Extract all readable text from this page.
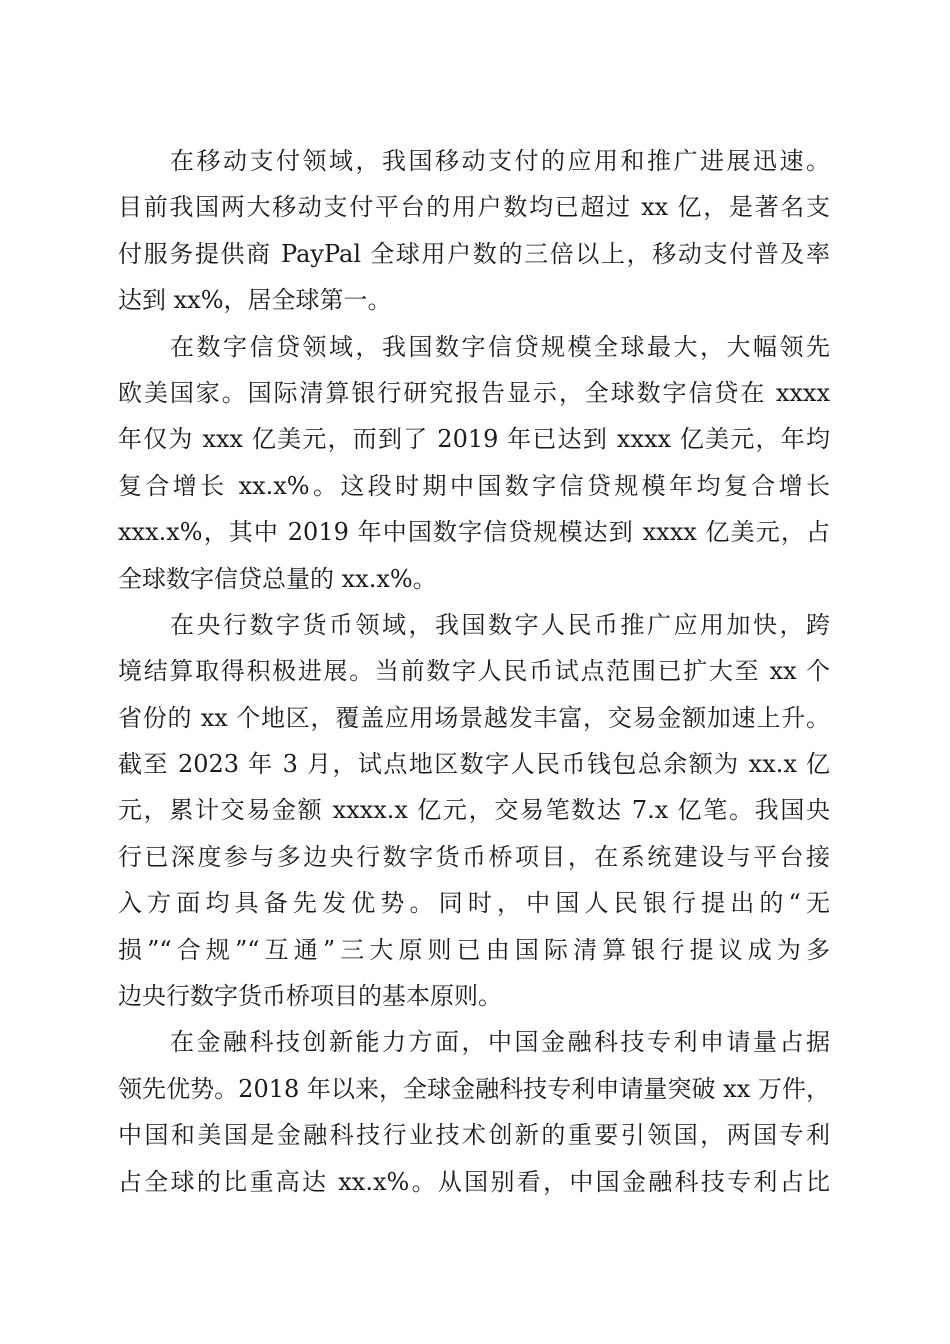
在移动支付领域，我国移动支付的应用和推广进展迅速。
目前我国两大移动支付平台的用户数均已超过 xx 亿，是著名支
付服务提供商 PayPal 全球用户数的三倍以上，移动支付普及率
达到 xx%，居全球第一。
在数字信贷领域，我国数字信贷规模全球最大，大幅领先
欧美国家。国际清算银行研究报告显示，全球数字信贷在 xxxx
年仅为 xxx 亿美元，而到了 2019 年已达到 xxxx 亿美元，年均
复合增长 xx.x%。这段时期中国数字信贷规模年均复合增长
xxx.x%，其中 2019 年中国数字信贷规模达到 xxxx 亿美元，占
全球数字信贷总量的 xx.x%。
在央行数字货币领域，我国数字人民币推广应用加快，跨
境结算取得积极进展。当前数字人民币试点范围已扩大至 xx 个
省份的 xx 个地区，覆盖应用场景越发丰富，交易金额加速上升。
截至 2023 年 3 月，试点地区数字人民币钱包总余额为 xx.x 亿
元，累计交易金额 xxxx.x 亿元，交易笔数达 7.x 亿笔。我国央
行已深度参与多边央行数字货币桥项目，在系统建设与平台接
入方面均具备先发优势。同时，中国人民银行提出的“无
损”“合规”“互通”三大原则已由国际清算银行提议成为多
边央行数字货币桥项目的基本原则。
在金融科技创新能力方面，中国金融科技专利申请量占据
领先优势。2018 年以来，全球金融科技专利申请量突破 xx 万件，
中国和美国是金融科技行业技术创新的重要引领国，两国专利
占全球的比重高达 xx.x%。从国别看，中国金融科技专利占比
